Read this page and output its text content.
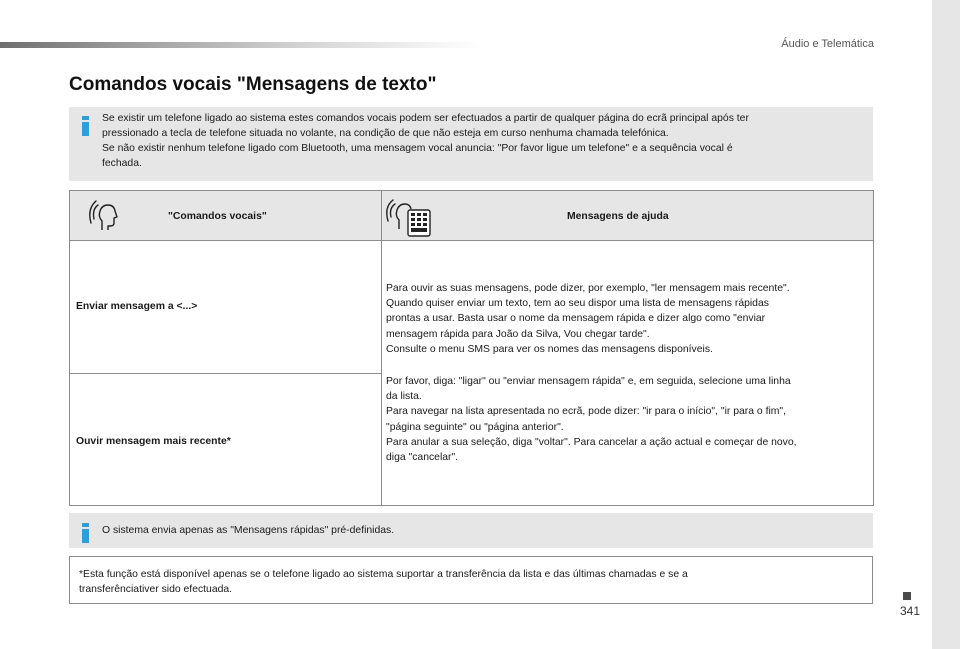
Áudio e Telemática
Comandos vocais "Mensagens de texto"
Se existir um telefone ligado ao sistema estes comandos vocais podem ser efectuados a partir de qualquer página do ecrã principal após ter
pressionado a tecla de telefone situada no volante, na condição de que não esteja em curso nenhuma chamada telefónica.
Se não existir nenhum telefone ligado com Bluetooth, uma mensagem vocal anuncia: "Por favor ligue um telefone" e a sequência vocal é
fechada.
"Comandos vocais"	Mensagens de ajuda
Enviar mensagem a <...>
Ouvir mensagem mais recente*

Para ouvir as suas mensagens, pode dizer, por exemplo, "ler mensagem mais recente".

Quando quiser enviar um texto, tem ao seu dispor uma lista de mensagens rápidas

prontas a usar. Basta usar o nome da mensagem rápida e dizer algo como "enviar

mensagem rápida para João da Silva, Vou chegar tarde".

Consulte o menu SMS para ver os nomes das mensagens disponíveis.

Por favor, diga: "ligar" ou "enviar mensagem rápida" e, em seguida, selecione uma linha

da lista.

Para navegar na lista apresentada no ecrã, pode dizer: "ir para o início", "ir para o fim",

"página seguinte" ou "página anterior".

Para anular a sua seleção, diga "voltar". Para cancelar a ação actual e começar de novo,

diga "cancelar".

O sistema envia apenas as "Mensagens rápidas" pré-definidas.
*Esta função está disponível apenas se o telefone ligado ao sistema suportar a transferência da lista e das últimas chamadas e se a
transferênciativer sido efectuada.
341
